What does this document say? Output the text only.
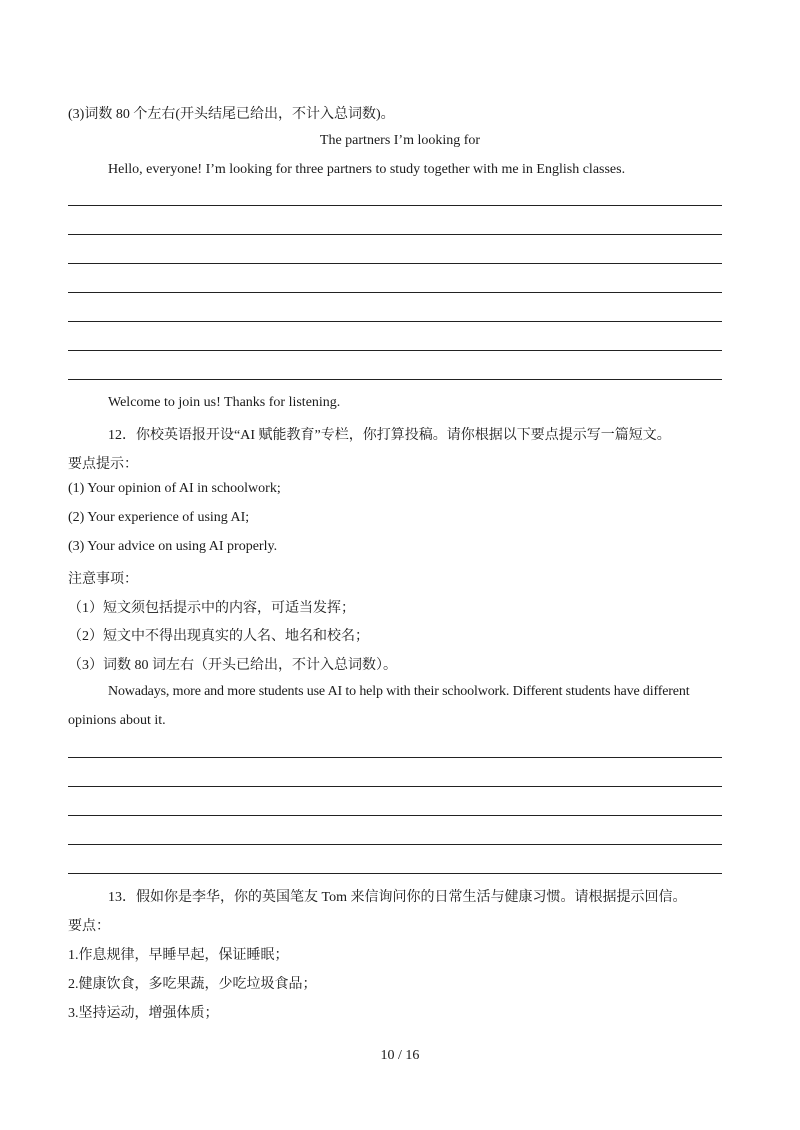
(3)词数 80 个左右(开头结尾已给出，不计入总词数)。
The partners I’m looking for
Hello, everyone! I’m looking for three partners to study together with me in English classes.
Welcome to join us! Thanks for listening.
12．你校英语报开设“AI 赋能教育”专栏，你打算投稿。请你根据以下要点提示写一篇短文。
要点提示：
(1) Your opinion of AI in schoolwork;
(2) Your experience of using AI;
(3) Your advice on using AI properly.
注意事项：
（1）短文须包括提示中的内容，可适当发挥；
（2）短文中不得出现真实的人名、地名和校名；
（3）词数 80 词左右（开头已给出，不计入总词数）。
Nowadays, more and more students use AI to help with their schoolwork. Different students have different
opinions about it.
13．假如你是李华，你的英国笔友 Tom 来信询问你的日常生活与健康习惯。请根据提示回信。
要点：
1.作息规律，早睡早起，保证睡眠；
2.健康饮食，多吃果蔬，少吃垃圾食品；
3.坚持运动，增强体质；
10 / 16
